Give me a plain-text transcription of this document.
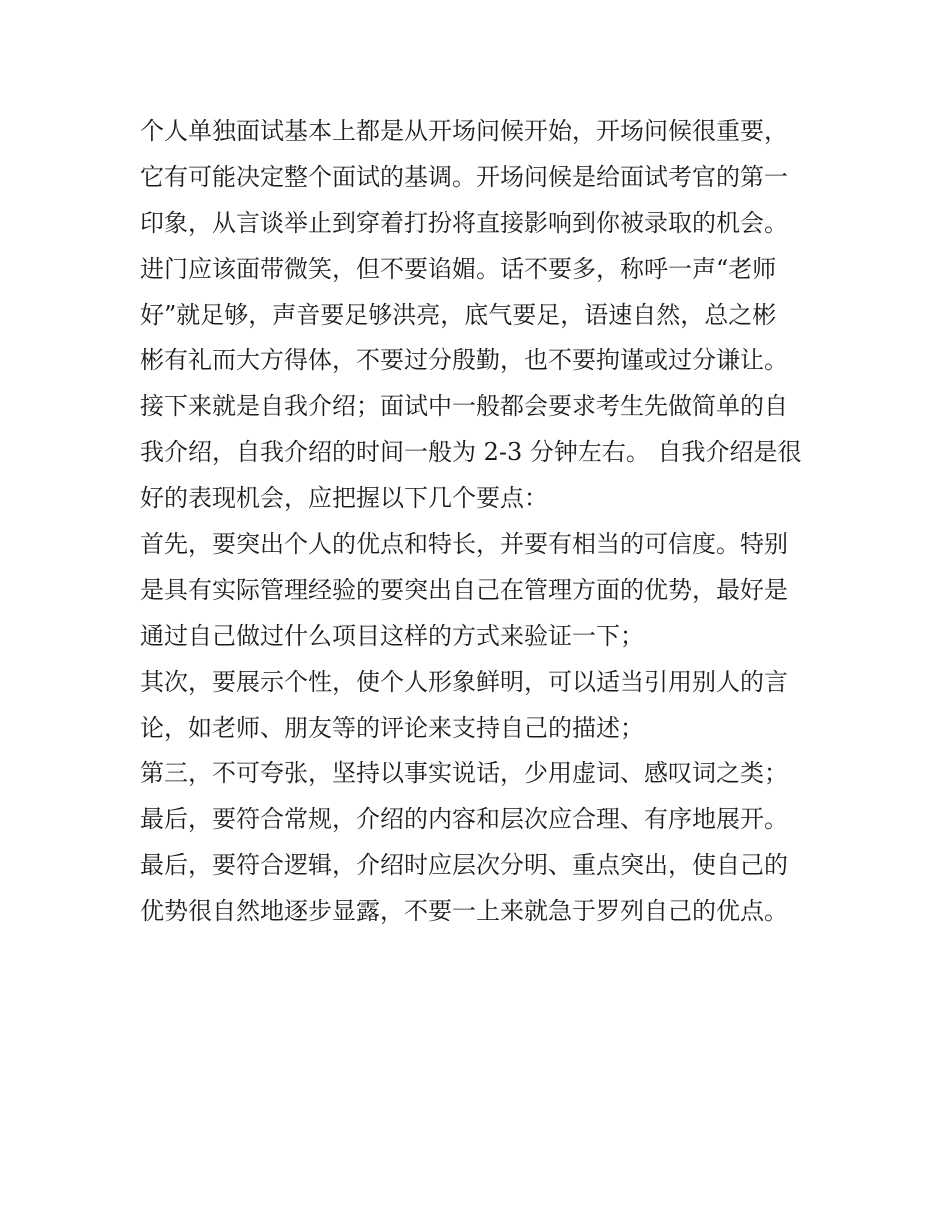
个人单独面试基本上都是从开场问候开始，开场问候很重要，
它有可能决定整个面试的基调。开场问候是给面试考官的第一
印象，从言谈举止到穿着打扮将直接影响到你被录取的机会。
进门应该面带微笑，但不要谄媚。话不要多，称呼一声“老师
好”就足够，声音要足够洪亮，底气要足，语速自然，总之彬
彬有礼而大方得体，不要过分殷勤，也不要拘谨或过分谦让。
接下来就是自我介绍；面试中一般都会要求考生先做简单的自
我介绍，自我介绍的时间一般为 2-3 分钟左右。 自我介绍是很
好的表现机会，应把握以下几个要点：
首先，要突出个人的优点和特长，并要有相当的可信度。特别
是具有实际管理经验的要突出自己在管理方面的优势，最好是
通过自己做过什么项目这样的方式来验证一下；
其次，要展示个性，使个人形象鲜明，可以适当引用别人的言
论，如老师、朋友等的评论来支持自己的描述；
第三，不可夸张，坚持以事实说话，少用虚词、感叹词之类；
最后，要符合常规，介绍的内容和层次应合理、有序地展开。
最后，要符合逻辑，介绍时应层次分明、重点突出，使自己的
优势很自然地逐步显露，不要一上来就急于罗列自己的优点。
